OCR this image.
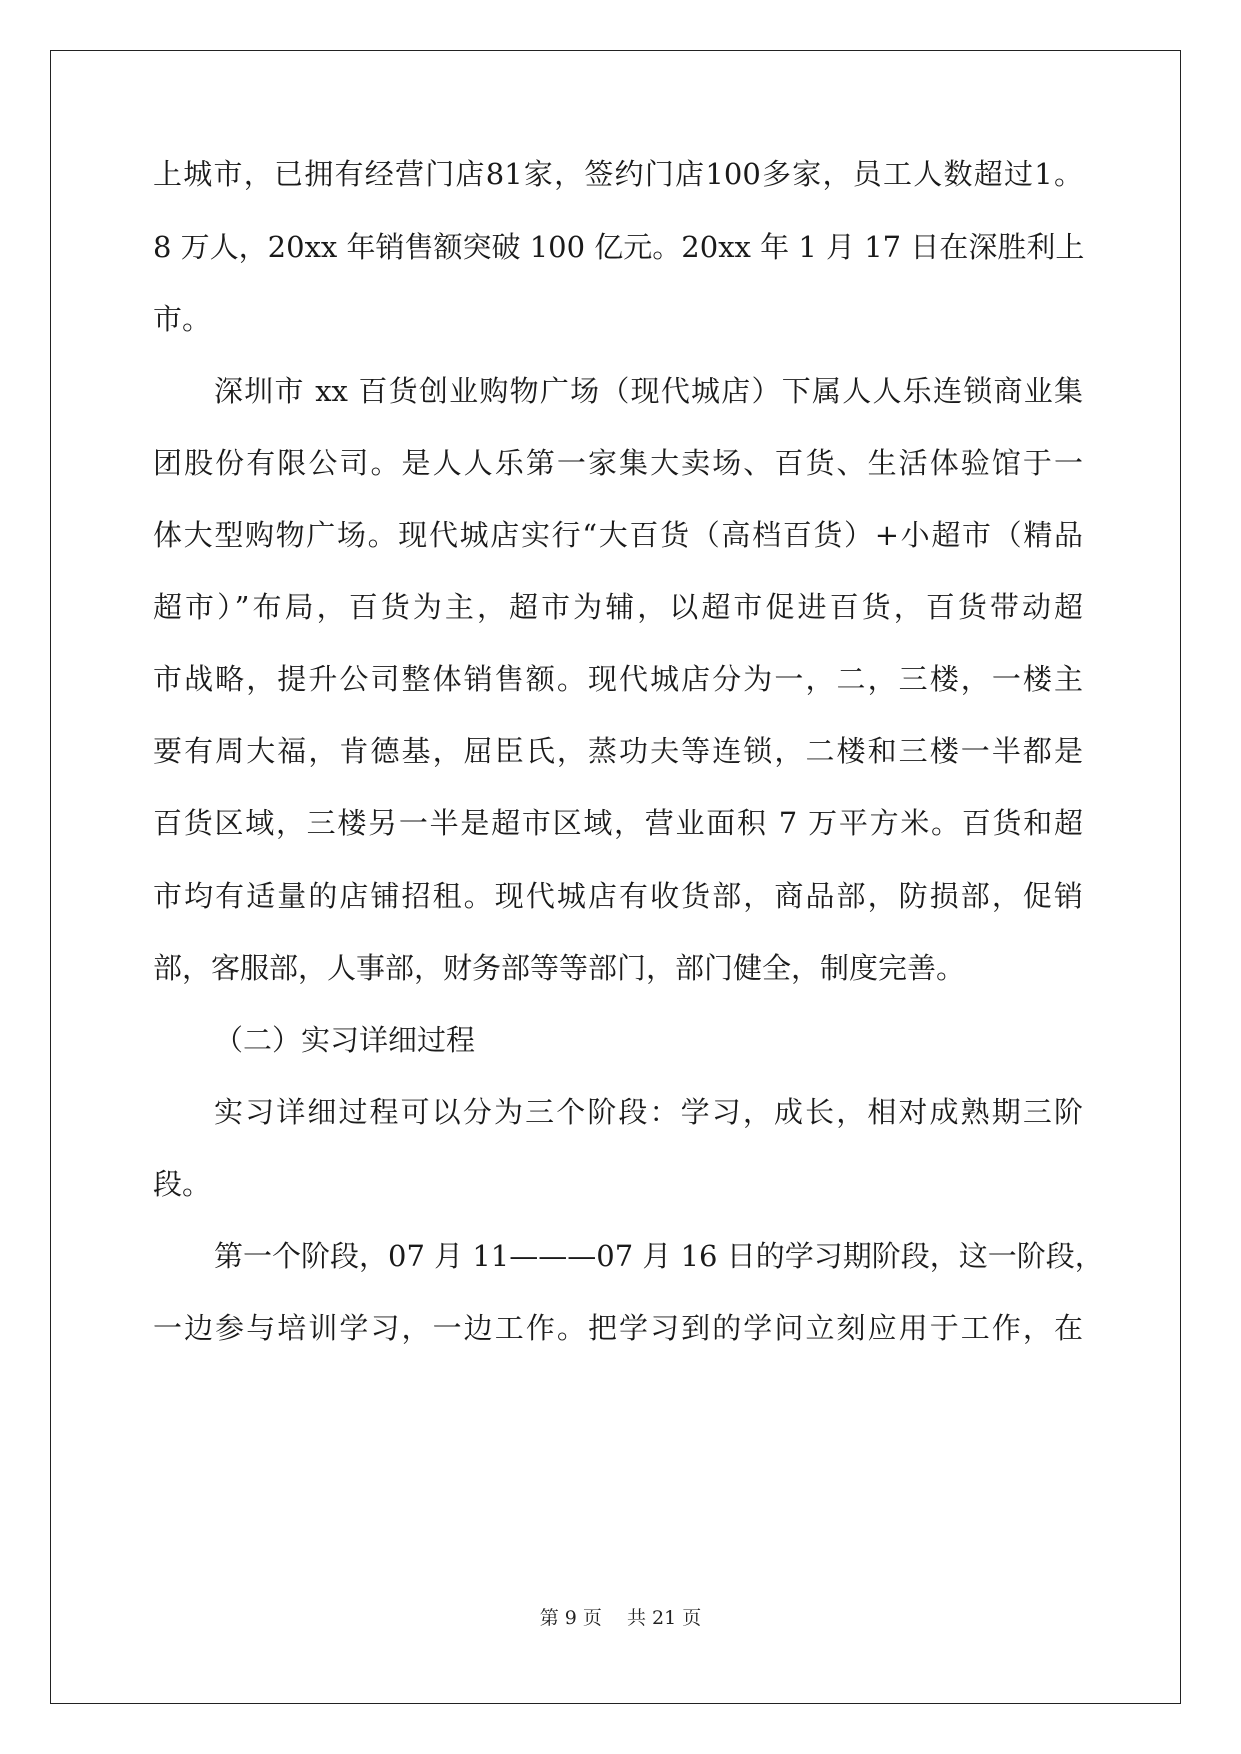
上城市，已拥有经营门店81家，签约门店100多家，员工人数超过1。
8 万人，20xx 年销售额突破 100 亿元。20xx 年 1 月 17 日在深胜利上
市。
深圳市 xx 百货创业购物广场（现代城店）下属人人乐连锁商业集
团股份有限公司。是人人乐第一家集大卖场、百货、生活体验馆于一
体大型购物广场。现代城店实行“大百货（高档百货）+小超市（精品
超市）”布局，百货为主，超市为辅，以超市促进百货，百货带动超
市战略，提升公司整体销售额。现代城店分为一，二，三楼，一楼主
要有周大福，肯德基，屈臣氏，蒸功夫等连锁，二楼和三楼一半都是
百货区域，三楼另一半是超市区域，营业面积 7 万平方米。百货和超
市均有适量的店铺招租。现代城店有收货部，商品部，防损部，促销
部，客服部，人事部，财务部等等部门，部门健全，制度完善。
（二）实习详细过程
实习详细过程可以分为三个阶段：学习，成长，相对成熟期三阶
段。
第一个阶段，07 月 11———07 月 16 日的学习期阶段，这一阶段，
一边参与培训学习，一边工作。把学习到的学问立刻应用于工作，在
第 9 页　 共 21 页
